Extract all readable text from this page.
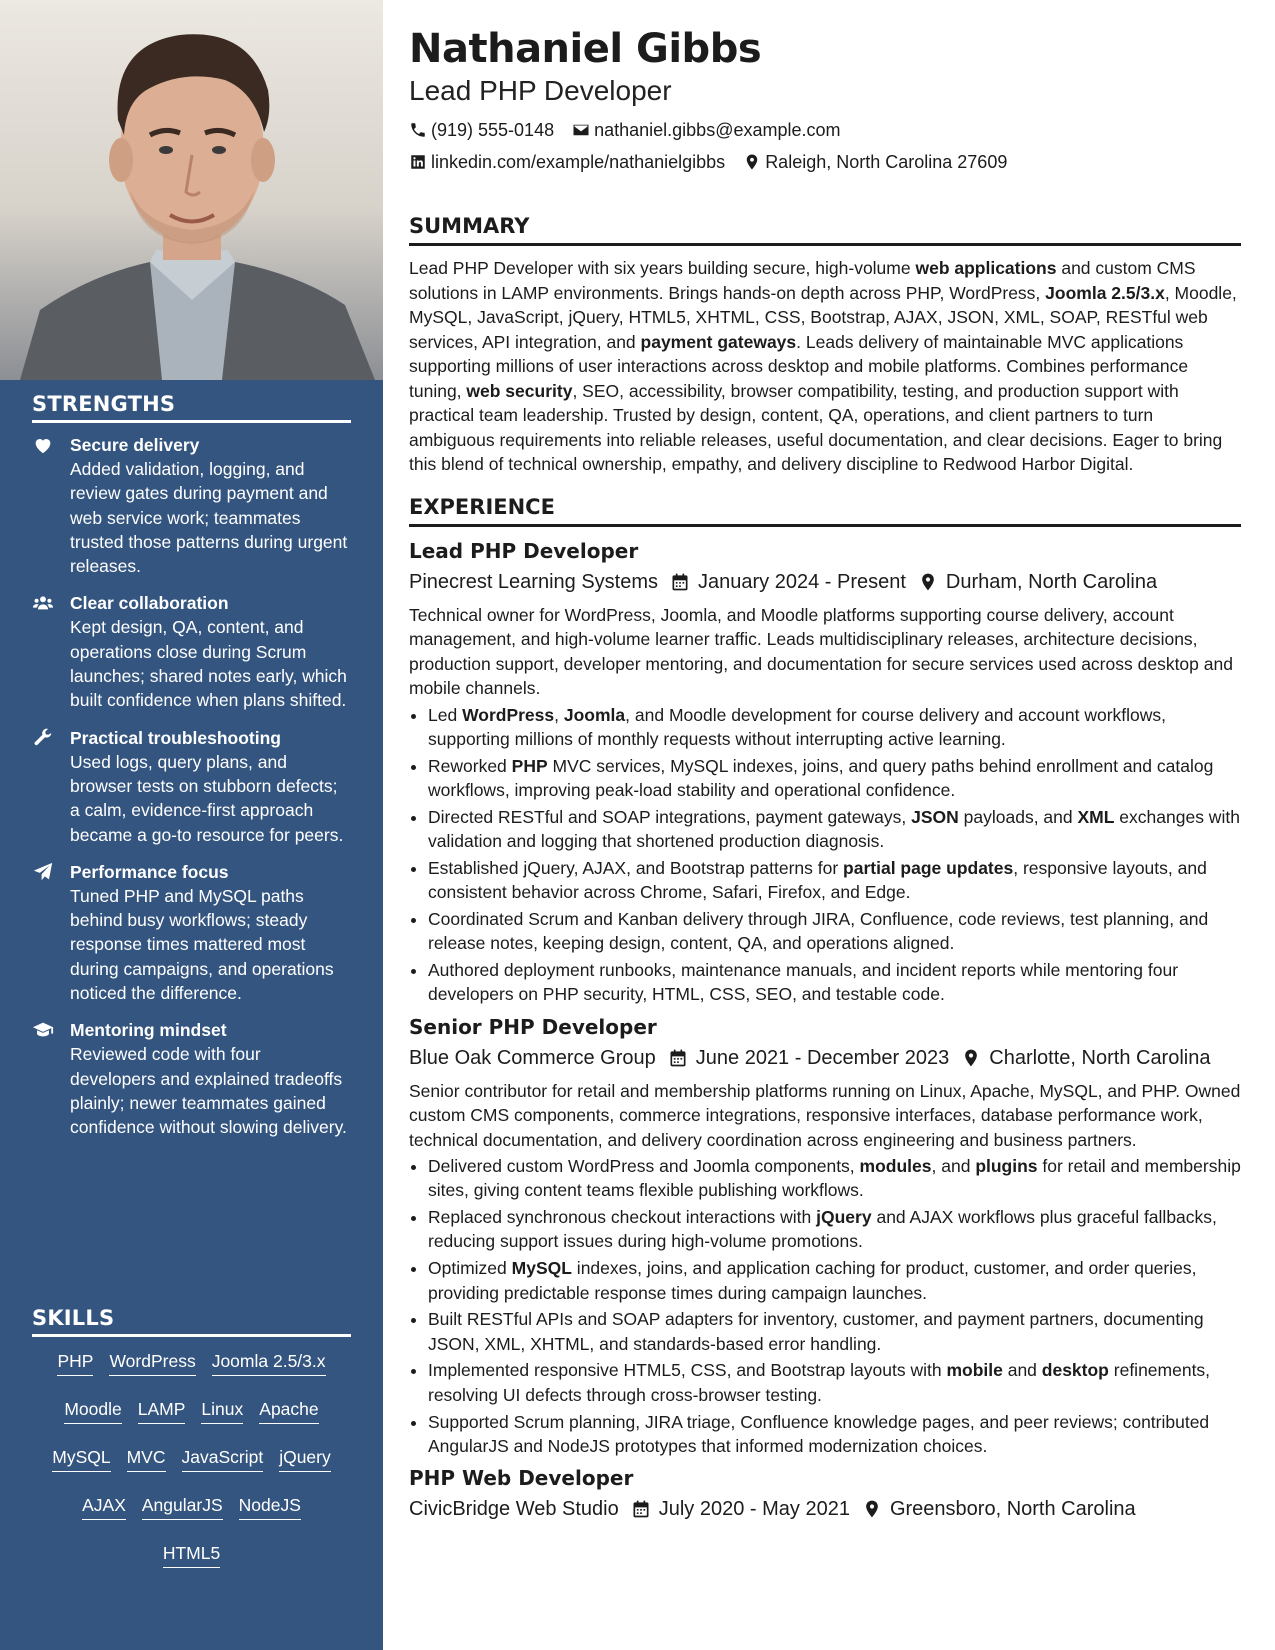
STRENGTHS
Secure delivery
Added validation, logging, and review gates during payment and web service work; teammates trusted those patterns during urgent releases.
Clear collaboration
Kept design, QA, content, and operations close during Scrum launches; shared notes early, which built confidence when plans shifted.
Practical troubleshooting
Used logs, query plans, and browser tests on stubborn defects; a calm, evidence-first approach became a go-to resource for peers.
Performance focus
Tuned PHP and MySQL paths behind busy workflows; steady response times mattered most during campaigns, and operations noticed the difference.
Mentoring mindset
Reviewed code with four developers and explained tradeoffs plainly; newer teammates gained confidence without slowing delivery.
SKILLS
PHP WordPress Joomla 2.5/3.x
Moodle LAMP Linux Apache
MySQL MVC JavaScript jQuery
AJAX AngularJS NodeJS
HTML5
Nathaniel Gibbs
Lead PHP Developer
(919) 555-0148 nathaniel.gibbs@example.com
linkedin.com/example/nathanielgibbs Raleigh, North Carolina 27609
SUMMARY

Lead PHP Developer with six years building secure, high-volume web applications and custom CMS solutions in LAMP environments. Brings hands-on depth across PHP, WordPress, Joomla 2.5/3.x, Moodle, MySQL, JavaScript, jQuery, HTML5, XHTML, CSS, Bootstrap, AJAX, JSON, XML, SOAP, RESTful web services, API integration, and payment gateways. Leads delivery of maintainable MVC applications supporting millions of user interactions across desktop and mobile platforms. Combines performance tuning, web security, SEO, accessibility, browser compatibility, testing, and production support with practical team leadership. Trusted by design, content, QA, operations, and client partners to turn ambiguous requirements into reliable releases, useful documentation, and clear decisions. Eager to bring this blend of technical ownership, empathy, and delivery discipline to Redwood Harbor Digital.

EXPERIENCE
Lead PHP Developer
Pinecrest Learning Systems January 2024 - Present Durham, North Carolina

Technical owner for WordPress, Joomla, and Moodle platforms supporting course delivery, account management, and high-volume learner traffic. Leads multidisciplinary releases, architecture decisions, production support, developer mentoring, and documentation for secure services used across desktop and mobile channels.

• Led WordPress, Joomla, and Moodle development for course delivery and account workflows, supporting millions of monthly requests without interrupting active learning.
• Reworked PHP MVC services, MySQL indexes, joins, and query paths behind enrollment and catalog workflows, improving peak-load stability and operational confidence.
• Directed RESTful and SOAP integrations, payment gateways, JSON payloads, and XML exchanges with validation and logging that shortened production diagnosis.
• Established jQuery, AJAX, and Bootstrap patterns for partial page updates, responsive layouts, and consistent behavior across Chrome, Safari, Firefox, and Edge.
• Coordinated Scrum and Kanban delivery through JIRA, Confluence, code reviews, test planning, and release notes, keeping design, content, QA, and operations aligned.
• Authored deployment runbooks, maintenance manuals, and incident reports while mentoring four developers on PHP security, HTML, CSS, SEO, and testable code.
Senior PHP Developer
Blue Oak Commerce Group June 2021 - December 2023 Charlotte, North Carolina

Senior contributor for retail and membership platforms running on Linux, Apache, MySQL, and PHP. Owned custom CMS components, commerce integrations, responsive interfaces, database performance work, technical documentation, and delivery coordination across engineering and business partners.

• Delivered custom WordPress and Joomla components, modules, and plugins for retail and membership sites, giving content teams flexible publishing workflows.
• Replaced synchronous checkout interactions with jQuery and AJAX workflows plus graceful fallbacks, reducing support issues during high-volume promotions.
• Optimized MySQL indexes, joins, and application caching for product, customer, and order queries, providing predictable response times during campaign launches.
• Built RESTful APIs and SOAP adapters for inventory, customer, and payment partners, documenting JSON, XML, XHTML, and standards-based error handling.
• Implemented responsive HTML5, CSS, and Bootstrap layouts with mobile and desktop refinements, resolving UI defects through cross-browser testing.
• Supported Scrum planning, JIRA triage, Confluence knowledge pages, and peer reviews; contributed AngularJS and NodeJS prototypes that informed modernization choices.
PHP Web Developer
CivicBridge Web Studio July 2020 - May 2021 Greensboro, North Carolina
